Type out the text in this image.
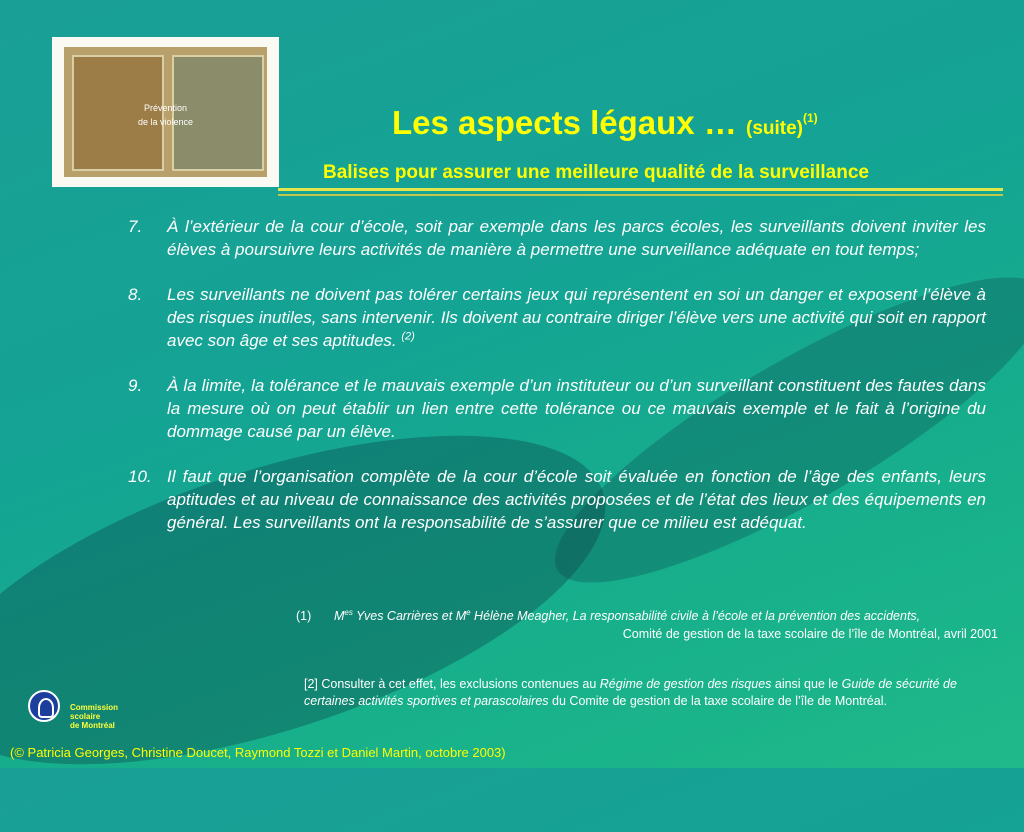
Prévention
de la violence	Les aspects légaux … (suite)$^{(1)}$
Balises pour assurer une meilleure qualité de la surveillance
7.	À l’extérieur de la cour d’école, soit par exemple dans les parcs écoles, les surveillants doivent inviter les élèves à poursuivre leurs activités de manière à permettre une surveillance adéquate en tout temps;
8.	Les surveillants ne doivent pas tolérer certains jeux qui représentent en soi un danger et exposent l’élève à des risques inutiles, sans intervenir. Ils doivent au contraire diriger l’élève vers une activité qui soit en rapport avec son âge et ses aptitudes. $^{(2)}$
9.	À la limite, la tolérance et le mauvais exemple d’un instituteur ou d’un surveillant constituent des fautes dans la mesure où on peut établir un lien entre cette tolérance ou ce mauvais exemple et le fait à l’origine du dommage causé par un élève.
10. Il faut que l’organisation complète de la cour d’école soit évaluée en fonction de l’âge des enfants, leurs aptitudes et au niveau de connaissance des activités proposées et de l’état des lieux et des équipements en général. Les surveillants ont la responsabilité de s’assurer que ce milieu est adéquat.
(1) $M^{es}$ Yves Carrières et Me Hélène Meagher, La responsabilité civile à l’école et la prévention des accidents,
Comité de gestion de la taxe scolaire de l’île de Montréal, avril 2001
[2] Consulter à cet effet, les exclusions contenues au Régime de gestion des risques ainsi que le Guide de sécurité de certaines activités sportives et parascolaires du Comite de gestion de la taxe scolaire de l’île de Montréal.
Commission
scolaire
de Montréal
(© Patricia Georges, Christine Doucet, Raymond Tozzi et Daniel Martin, octobre 2003)
